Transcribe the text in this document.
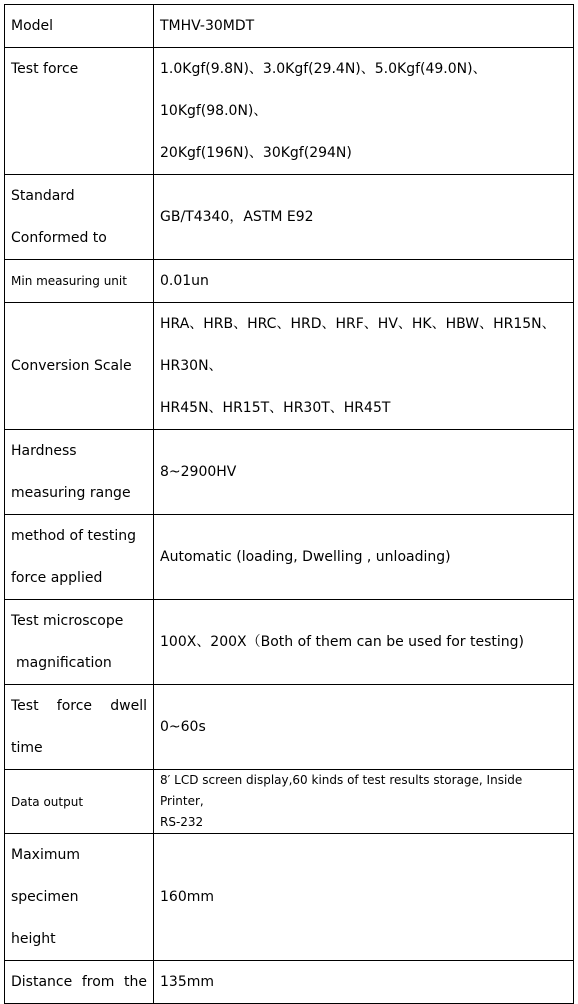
Model	TMHV-30MDT

Test force	1.0Kgf(9.8N)、3.0Kgf(29.4N)、5.0Kgf(49.0N)、10Kgf(98.0N)、
20Kgf(196N)、30Kgf(294N)

Standard
Conformed to	GB/T4340，ASTM E92

Min measuring unit	0.01un

Conversion Scale	HRA、HRB、HRC、HRD、HRF、HV、HK、HBW、HR15N、HR30N、
HR45N、HR15T、HR30T、HR45T

Hardness
measuring range	8~2900HV

method of testing
force applied	Automatic (loading, Dwelling , unloading)

Test microscope
magnification	100X、200X（Both of them can be used for testing)

Test force dwell
time	0~60s

Data output	8′ LCD screen display,60 kinds of test results storage, Inside Printer,
RS-232

Maximum specimen
height	160mm

Distance from the	135mm
